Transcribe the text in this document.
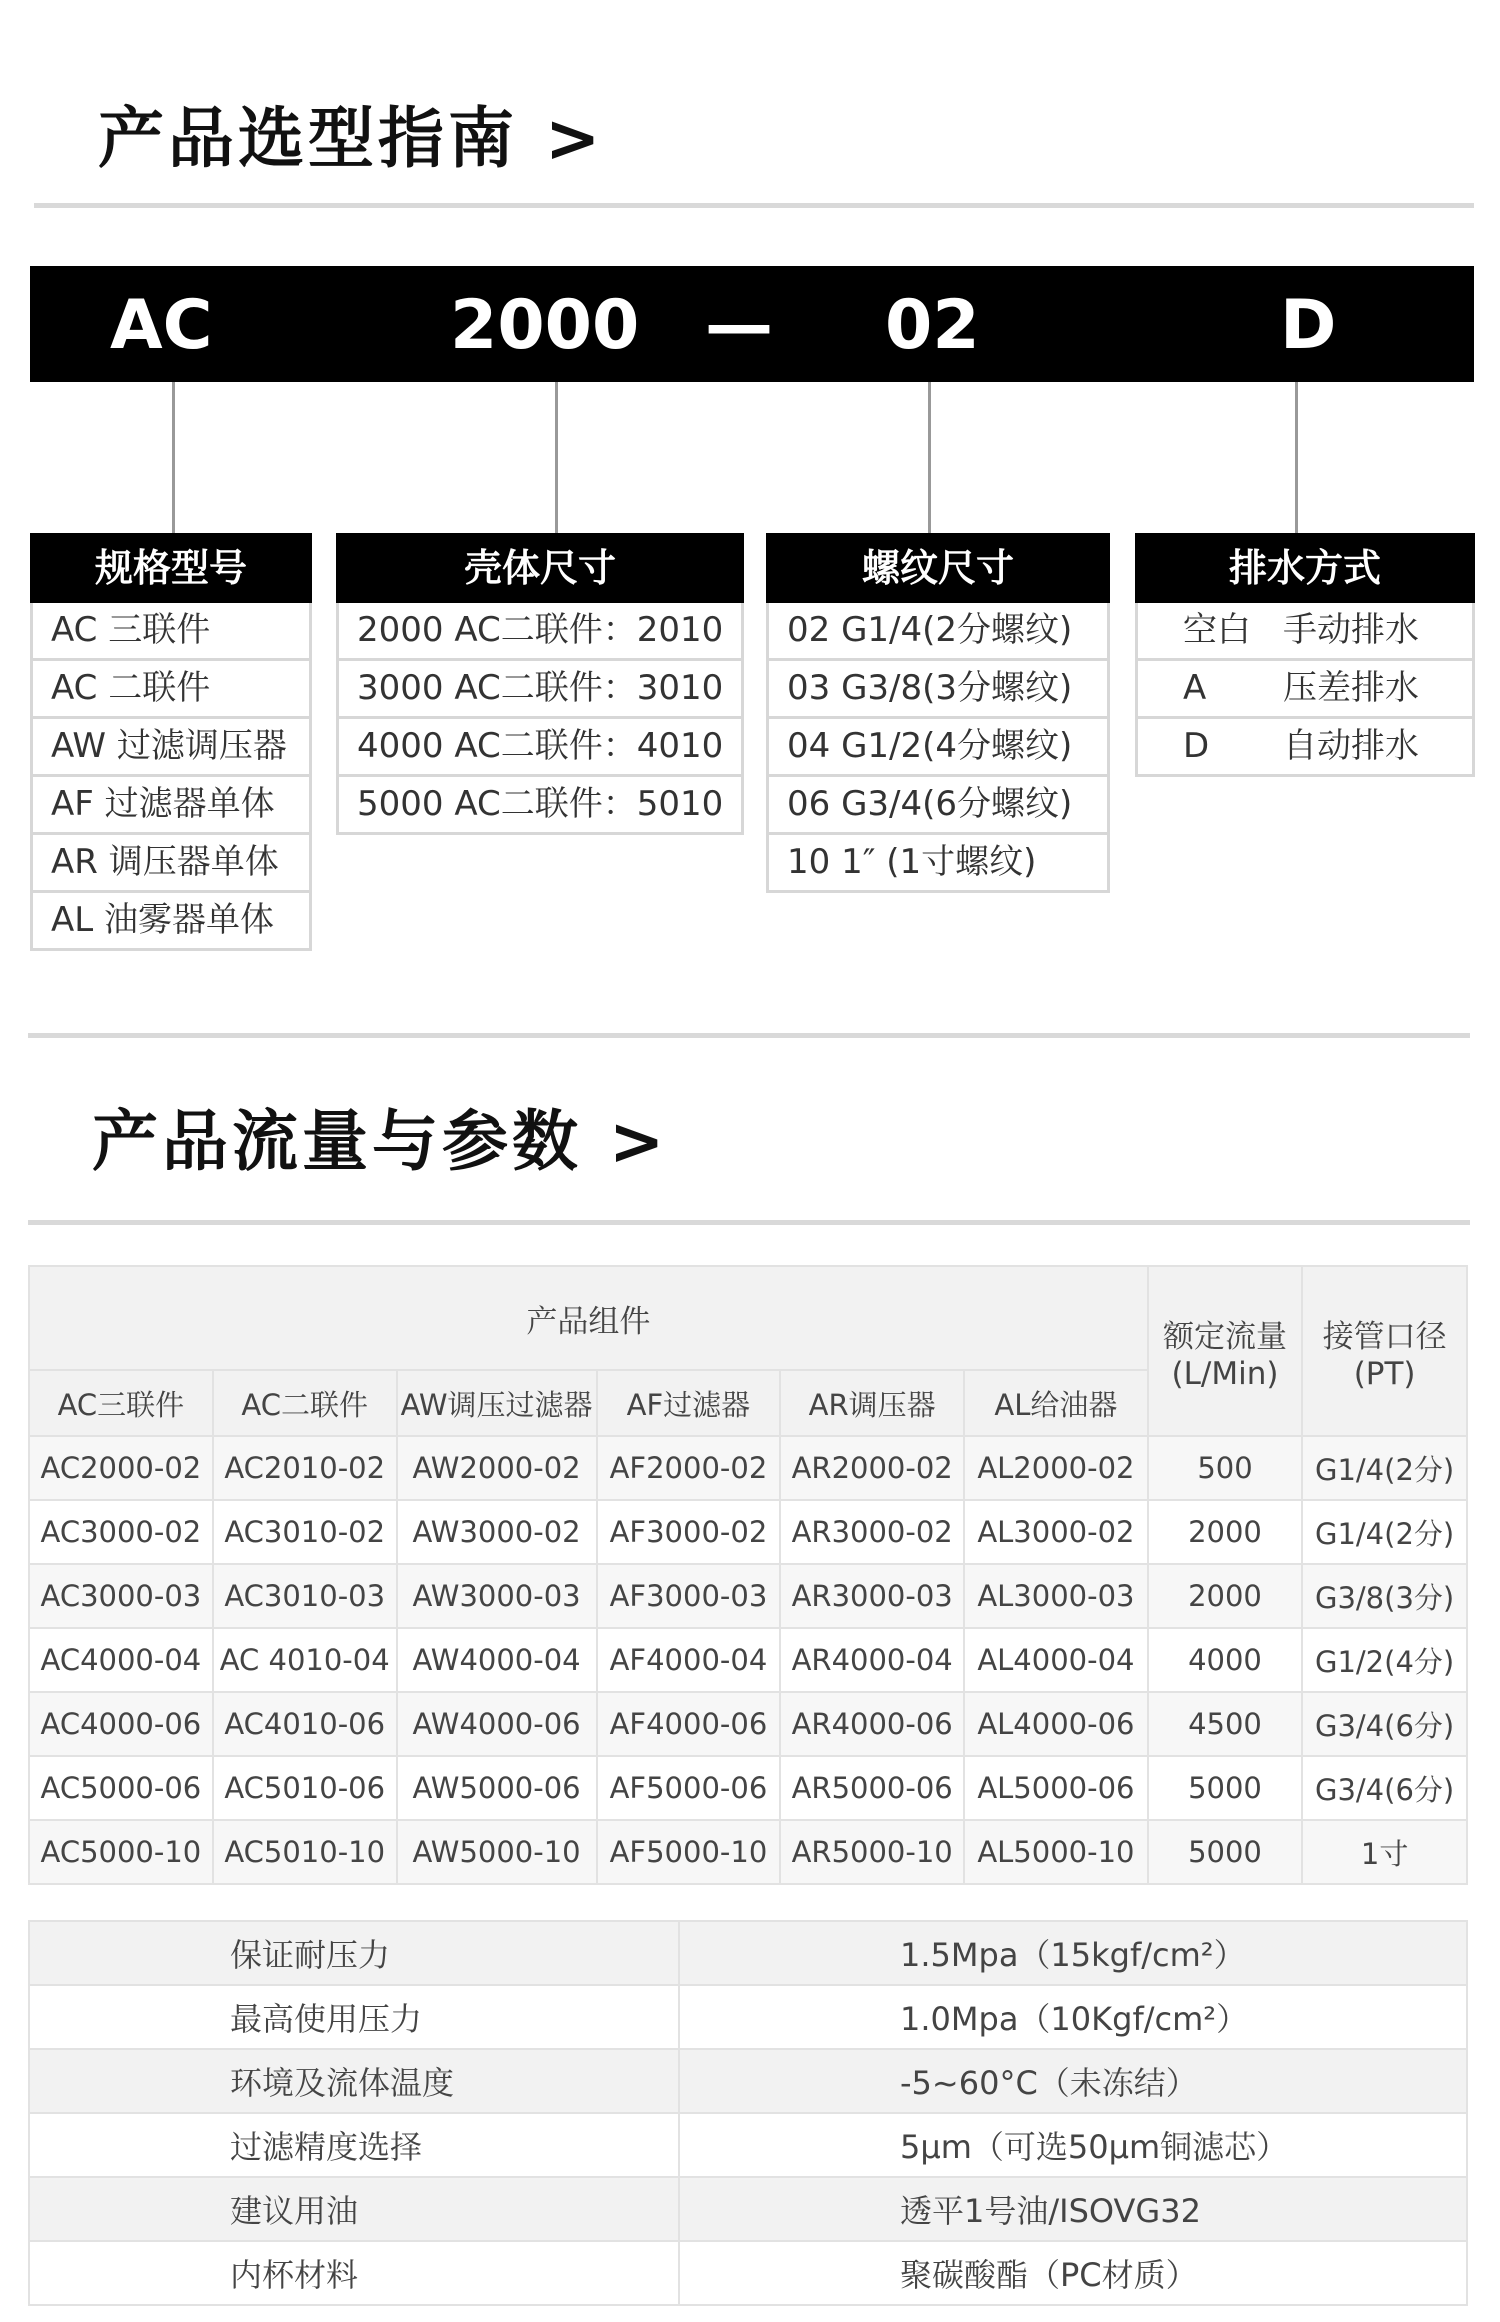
产品选型指南 >
AC	2000 — 02	D
规格型号
AC 三联件
AC 二联件
AW 过滤调压器
AF 过滤器单体
AR 调压器单体
AL 油雾器单体
壳体尺寸
2000 AC二联件：2010
3000 AC二联件：3010
4000 AC二联件：4010
5000 AC二联件：5010
螺纹尺寸
02 G1/4(2分螺纹)
03 G3/8(3分螺纹)
04 G1/2(4分螺纹)
06 G3/4(6分螺纹)
10 1″ (1寸螺纹)
排水方式
空白 手动排水
A 压差排水
D 自动排水
产品流量与参数 >
产品组件						额定流量
(L/Min)	接管口径
(PT)
AC三联件	AC二联件	AW调压过滤器	AF过滤器	AR调压器	AL给油器		
AC2000-02	AC2010-02	AW2000-02	AF2000-02	AR2000-02	AL2000-02	500	G1/4(2分)
AC3000-02	AC3010-02	AW3000-02	AF3000-02	AR3000-02	AL3000-02	2000	G1/4(2分)
AC3000-03	AC3010-03	AW3000-03	AF3000-03	AR3000-03	AL3000-03	2000	G3/8(3分)
AC4000-04	AC 4010-04	AW4000-04	AF4000-04	AR4000-04	AL4000-04	4000	G1/2(4分)
AC4000-06	AC4010-06	AW4000-06	AF4000-06	AR4000-06	AL4000-06	4500	G3/4(6分)
AC5000-06	AC5010-06	AW5000-06	AF5000-06	AR5000-06	AL5000-06	5000	G3/4(6分)
AC5000-10	AC5010-10	AW5000-10	AF5000-10	AR5000-10	AL5000-10	5000	1寸
保证耐压力	1.5Mpa（15kgf/cm²）
最高使用压力	1.0Mpa（10Kgf/cm²）
环境及流体温度	-5~60°C（未冻结）
过滤精度选择	5μm（可选50μm铜滤芯）
建议用油	透平1号油/ISOVG32
内杯材料	聚碳酸酯（PC材质）
